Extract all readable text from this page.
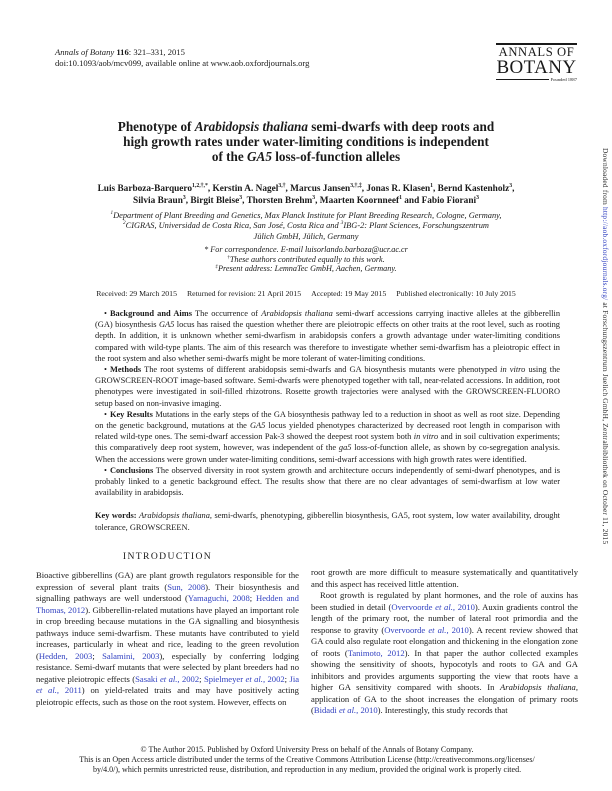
Annals of Botany 116: 321–331, 2015
doi:10.1093/aob/mcv099, available online at www.aob.oxfordjournals.org
ANNALS OF
BOTANY
Founded 1887
Downloaded from http://aob.oxfordjournals.org/ at Forschungszentrum Juelich GmbH, Zentralbibliothek on October 11, 2015
Phenotype of Arabidopsis thaliana semi-dwarfs with deep roots and
high growth rates under water-limiting conditions is independent
of the GA5 loss-of-function alleles
Luis Barboza-Barquero$^{1,2,\dagger,*}$, Kerstin A. Nagel$^{3,\dagger}$, Marcus Jansen$^{3,\dagger,\ddagger}$, Jonas R. Klasen$^1$, Bernd Kastenholz$^3$,
Silvia Braun$^3$, Birgit Bleise$^3$, Thorsten Brehm$^3$, Maarten Koornneef$^1$ and Fabio Fiorani$^3$
$^1$Department of Plant Breeding and Genetics, Max Planck Institute for Plant Breeding Research, Cologne, Germany,
$^2$CIGRAS, Universidad de Costa Rica, San José, Costa Rica and $^3$IBG-2: Plant Sciences, Forschungszentrum
Jülich GmbH, Jülich, Germany
* For correspondence. E-mail luisorlando.barboza@ucr.ac.cr
†These authors contributed equally to this work.
‡Present address: LemnaTec GmbH, Aachen, Germany.
Received: 29 March 2015 Returned for revision: 21 April 2015 Accepted: 19 May 2015 Published electronically: 10 July 2015

• Background and Aims The occurrence of Arabidopsis thaliana semi-dwarf accessions carrying inactive alleles at the gibberellin (GA) biosynthesis GA5 locus has raised the question whether there are pleiotropic effects on other traits at the root level, such as rooting depth. In addition, it is unknown whether semi-dwarfism in arabidopsis confers a growth advantage under water-limiting conditions compared with wild-type plants. The aim of this research was therefore to investigate whether semi-dwarfism has a pleiotropic effect in the root system and also whether semi-dwarfs might be more tolerant of water-limiting conditions.

• Methods The root systems of different arabidopsis semi-dwarfs and GA biosynthesis mutants were phenotyped in vitro using the GROWSCREEN-ROOT image-based software. Semi-dwarfs were phenotyped together with tall, near-related accessions. In addition, root phenotypes were investigated in soil-filled rhizotrons. Rosette growth trajectories were analysed with the GROWSCREEN-FLUORO setup based on non-invasive imaging.

• Key Results Mutations in the early steps of the GA biosynthesis pathway led to a reduction in shoot as well as root size. Depending on the genetic background, mutations at the GA5 locus yielded phenotypes characterized by decreased root length in comparison with related wild-type ones. The semi-dwarf accession Pak-3 showed the deepest root system both in vitro and in soil cultivation experiments; this comparatively deep root system, however, was independent of the ga5 loss-of-function allele, as shown by co-segregation analysis. When the accessions were grown under water-limiting conditions, semi-dwarf accessions with high growth rates were identified.

• Conclusions The observed diversity in root system growth and architecture occurs independently of semi-dwarf phenotypes, and is probably linked to a genetic background effect. The results show that there are no clear advantages of semi-dwarfism at low water availability in arabidopsis.

Key words: Arabidopsis thaliana, semi-dwarfs, phenotyping, gibberellin biosynthesis, GA5, root system, low water availability, drought tolerance, GROWSCREEN.

INTRODUCTION

Bioactive gibberellins (GA) are plant growth regulators responsible for the expression of several plant traits (Sun, 2008). Their biosynthesis and signalling pathways are well understood (Yamaguchi, 2008; Hedden and Thomas, 2012). Gibberellin-related mutations have played an important role in crop breeding because mutations in the GA signalling and biosynthesis pathways induce semi-dwarfism. These mutants have contributed to yield increases, particularly in wheat and rice, leading to the green revolution (Hedden, 2003; Salamini, 2003), especially by conferring lodging resistance. Semi-dwarf mutants that were selected by plant breeders had no negative pleiotropic effects (Sasaki et al., 2002; Spielmeyer et al., 2002; Jia et al., 2011) on yield-related traits and may have positively acting pleiotropic effects, such as those on the root system. However, effects on

root growth are more difficult to measure systematically and quantitatively and this aspect has received little attention.

Root growth is regulated by plant hormones, and the role of auxins has been studied in detail (Overvoorde et al., 2010). Auxin gradients control the length of the primary root, the number of lateral root primordia and the response to gravity (Overvoorde et al., 2010). A recent review showed that GA could also regulate root elongation and thickening in the elongation zone of roots (Tanimoto, 2012). In that paper the author collected examples showing the sensitivity of shoots, hypocotyls and roots to GA and GA inhibitors and provides arguments supporting the view that roots have a higher GA sensitivity compared with shoots. In Arabidopsis thaliana, application of GA to the shoot increases the elongation of primary roots (Bidadi et al., 2010). Interestingly, this study records that

© The Author 2015. Published by Oxford University Press on behalf of the Annals of Botany Company.
This is an Open Access article distributed under the terms of the Creative Commons Attribution License (http://creativecommons.org/licenses/
by/4.0/), which permits unrestricted reuse, distribution, and reproduction in any medium, provided the original work is properly cited.
